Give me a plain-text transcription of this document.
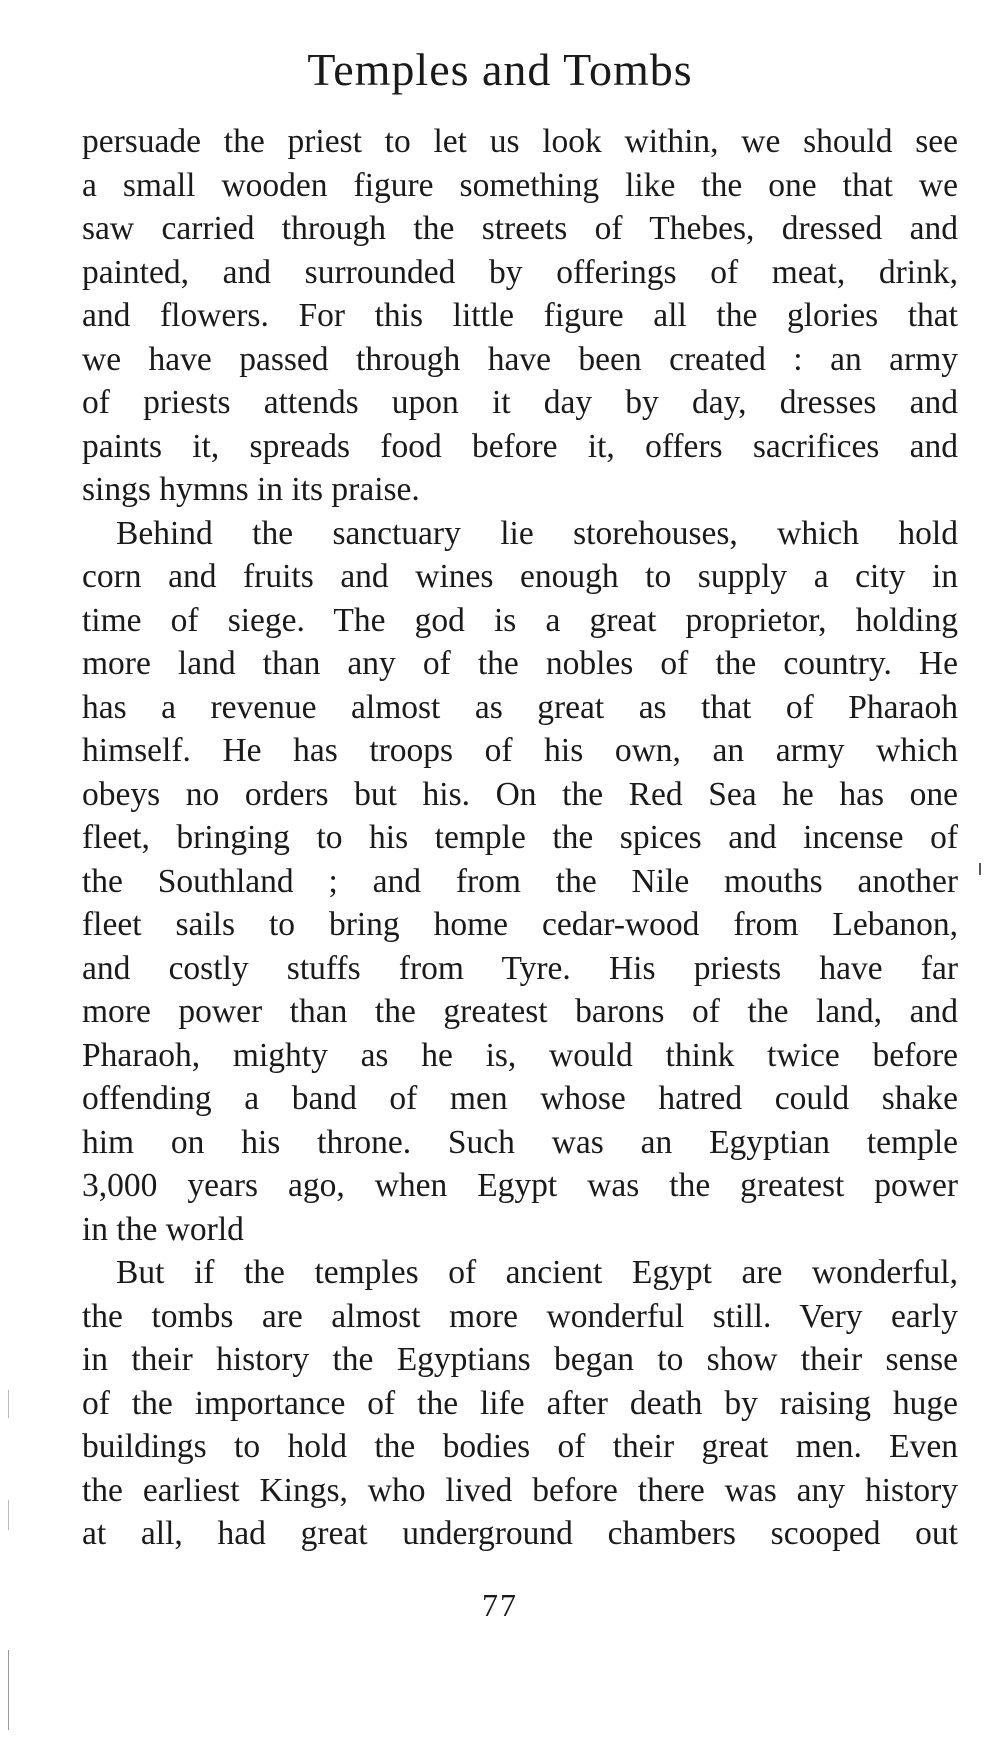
Temples and Tombs

persuade the priest to let us look within, we should see
a small wooden figure something like the one that we
saw carried through the streets of Thebes, dressed and
painted, and surrounded by offerings of meat, drink,
and flowers. For this little figure all the glories that
we have passed through have been created : an army
of priests attends upon it day by day, dresses and
paints it, spreads food before it, offers sacrifices and
sings hymns in its praise.

Behind the sanctuary lie storehouses, which hold
corn and fruits and wines enough to supply a city in
time of siege. The god is a great proprietor, holding
more land than any of the nobles of the country. He
has a revenue almost as great as that of Pharaoh
himself. He has troops of his own, an army which
obeys no orders but his. On the Red Sea he has one
fleet, bringing to his temple the spices and incense of
the Southland ; and from the Nile mouths another
fleet sails to bring home cedar-wood from Lebanon,
and costly stuffs from Tyre. His priests have far
more power than the greatest barons of the land, and
Pharaoh, mighty as he is, would think twice before
offending a band of men whose hatred could shake
him on his throne. Such was an Egyptian temple
3,000 years ago, when Egypt was the greatest power
in the world

But if the temples of ancient Egypt are wonderful,
the tombs are almost more wonderful still. Very early
in their history the Egyptians began to show their sense
of the importance of the life after death by raising huge
buildings to hold the bodies of their great men. Even
the earliest Kings, who lived before there was any history
at all, had great underground chambers scooped out

77
